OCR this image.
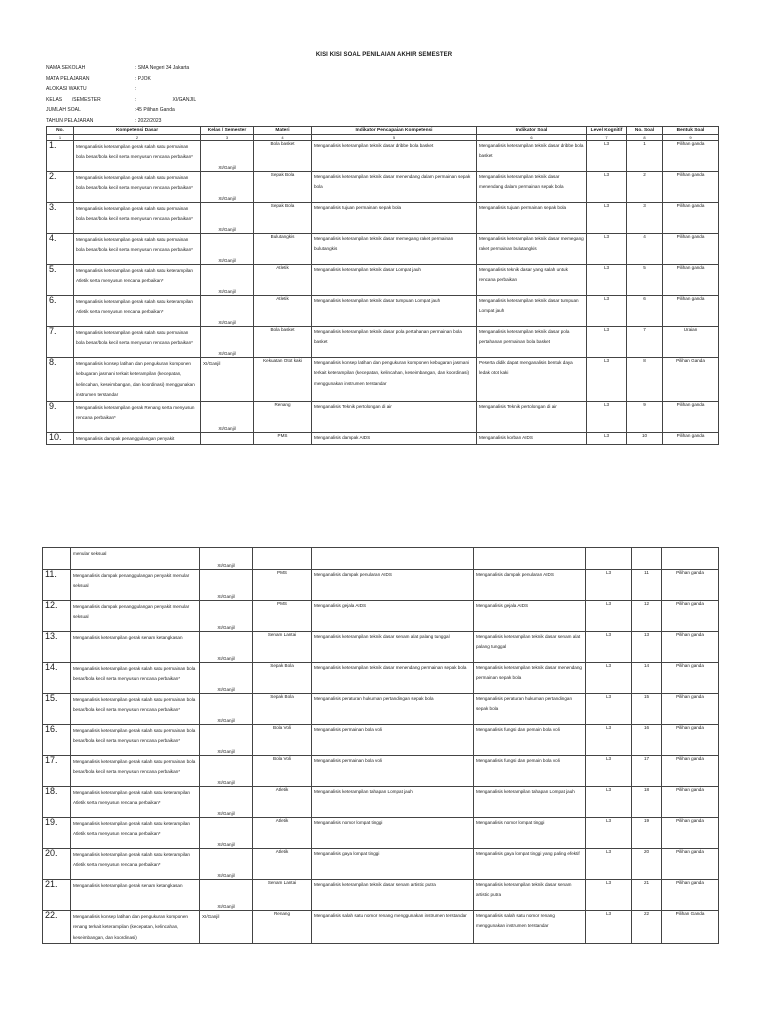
KISI KISI SOAL PENILAIAN AKHIR SEMESTER
NAMA SEKOLAH	: SMA Negeri 34 Jakarta
MATA PELAJARAN	: PJOK
ALOKASI WAKTU	:
KELAS       /SEMESTER	:                          XI/GANJIL
JUMLAH SOAL	:45 Pilihan Ganda
TAHUN PELAJARAN	: 2022/2023
No.	Kompetensi Dasar	Kelas / Semester	Materi	Indikator Pencapaian Kompetensi	Indikator Soal	Level Kognitif	No. Soal	Bentuk Soal
1	2	3	4	5	6	7	8	9
1.	Menganalisis keterampilan gerak salah satu permainan bola besar/bola kecil serta menyusun rencana perbaikan*	XI/Ganjil	Bola basket	Menganalisis keterampilan teknik dasar dribbe bola basket	Menganalisis keterampilan teknik dasar dribbe bola basket	L3	1	Pilihan ganda
2.	Menganalisis keterampilan gerak salah satu permainan bola besar/bola kecil serta menyusun rencana perbaikan*	XI/Ganjil	Sepak Bola	Menganalisis keterampilan teknik dasar menendang dalam permainan sepak bola	Menganalisis keterampilan teknik dasar menendang dalam permainan sepak bola	L3	2	Pilihan ganda
3.	Menganalisis keterampilan gerak salah satu permainan bola besar/bola kecil serta menyusun rencana perbaikan*	XI/Ganjil	Sepak Bola	Menganalisis tujuan permainan sepak bola	Menganalisis tujuan permainan sepak bola	L3	3	Pilihan ganda
4.	Menganalisis keterampilan gerak salah satu permainan bola besar/bola kecil serta menyusun rencana perbaikan*	XI/Ganjil	Bulutangkis	Menganalisis keterampilan teknik dasar memegang raket permainan bulutangkis	Menganalisis keterampilan teknik dasar memegang raket permainan bulutangkis	L3	4	Pilihan ganda
5.	Menganalisis keterampilan gerak salah satu keterampilan Atletik serta menyusun rencana perbaikan*	XI/Ganjil	Atletik	Menganalisis keterampilan teknik dasar Lompat jauh	Menganalisis teknik dasar yang salah untuk rencana perbaikan	L3	5	Pilihan ganda
6.	Menganalisis keterampilan gerak salah satu keterampilan Atletik serta menyusun rencana perbaikan*	XI/Ganjil	Atletik	Menganalisis keterampilan teknik dasar tumpuan Lompat jauh	Menganalisis keterampilan teknik dasar tumpuan Lompat jauh	L3	6	Pilihan ganda
7.	Menganalisis keterampilan gerak salah satu permainan bola besar/bola kecil serta menyusun rencana perbaikan*	XI/Ganjil	Bola basket	Menganalisis keterampilan teknik dasar pola pertahanan permainan bola basket	Menganalisis keterampilan teknik dasar pola pertahanan permainan bola basket	L3	7	Uraian
8.	Menganalisis konsep latihan dan pengukuran komponen kebugaran jasmani terkait keterampilan (kecepatan, kelincahan, keseimbangan, dan koordinasi) menggunakan instrumen terstandar	XI/Ganjil	Kekuatan Otot kaki	Menganalisis konsep latihan dan pengukuran komponen kebugaran jasmani terkait keterampilan (kecepatan, kelincahan, keseimbangan, dan koordinasi) menggunakan instrumen terstandar	Peserta didik dapat menganalisis bentuk daya ledak otot kaki	L3	8	Pilihan Ganda
9.	Menganalisis keterampilan gerak Renang serta menyusun rencana perbaikan*	XI/Ganjil	Renang	Menganalisis Teknik pertolongan di air	Menganalisis Teknik pertolongan di air	L3	9	Pilihan ganda
10.	Menganalisis dampak penanggulangan penyakit		PMS	Menganalisis dampak AIDS	Menganalisis korban AIDS	L3	10	Pilihan ganda

	menular seksual	XI/Ganjil						

11.	Menganalisis dampak penanggulangan penyakit menular seksual	XI/Ganjil	PMS	Menganalisis dampak penularan AIDS	Menganalisis dampak penularan AIDS	L3	11	Pilihan ganda
12.	Menganalisis dampak penanggulangan penyakit menular seksual	XI/Ganjil	PMS	Menganalisis gejala AIDS	Menganalisis gejala AIDS	L3	12	Pilihan ganda
13.	Menganalisis keterampilan gerak senam ketangkasan	XI/Ganjil	Senam Lantai	Menganalisis keterampilan teknik dasar senam alat palang tunggal	Menganalisis keterampilan teknik dasar senam alat palang tunggal	L3	13	Pilihan ganda
14.	Menganalisis keterampilan gerak salah satu permainan bola besar/bola kecil serta menyusun rencana perbaikan*	XI/Ganjil	Sepak Bola	Menganalisis keterampilan teknik dasar menendang permainan sepak bola	Menganalisis keterampilan teknik dasar menendang permainan sepak bola	L3	14	Pilihan ganda
15.	Menganalisis keterampilan gerak salah satu permainan bola besar/bola kecil serta menyusun rencana perbaikan*	XI/Ganjil	Sepak Bola	Menganalisis peraturan hukuman pertandingan sepak bola	Menganalisis peraturan hukuman pertandingan sepak bola	L3	15	Pilihan ganda
16.	Menganalisis keterampilan gerak salah satu permainan bola besar/bola kecil serta menyusun rencana perbaikan*	XI/Ganjil	Bola Voli	Menganalisis permainan bola voli	Menganalisis fungsi dan pemain bola voli	L3	16	Pilihan ganda
17.	Menganalisis keterampilan gerak salah satu permainan bola besar/bola kecil serta menyusun rencana perbaikan*	XI/Ganjil	Bola Voli	Menganalisis permainan bola voli	Menganalisis fungsi dan pemain bola voli	L3	17	Pilihan ganda
18.	Menganalisis keterampilan gerak salah satu keterampilan Atletik serta menyusun rencana perbaikan*	XI/Ganjil	Atletik	Menganalisis keterampilan tahapan Lompat jauh	Menganalisis keterampilan tahapan Lompat jauh	L3	18	Pilihan ganda
19.	Menganalisis keterampilan gerak salah satu keterampilan Atletik serta menyusun rencana perbaikan*	XI/Ganjil	Atletik	Menganalisis nomor lompat tinggi	Menganalisis nomor lompat tinggi	L3	19	Pilihan ganda
20.	Menganalisis keterampilan gerak salah satu keterampilan Atletik serta menyusun rencana perbaikan*	XI/Ganjil	Atletik	Menganalisis gaya lompat tinggi	Menganalisis gaya lompat tinggi yang paling efektif	L3	20	Pilihan ganda
21.	Menganalisis keterampilan gerak senam ketangkasan	XI/Ganjil	Senam Lantai	Menganalisis keterampilan teknik dasar senam artistic putra	Menganalisis keterampilan teknik dasar senam artistic putra	L3	21	Pilihan ganda
22.	Menganalisis konsep latihan dan pengukuran komponen renang terkait keterampilan (kecepatan, kelincahan, keseimbangan, dan koordinasi)	XI/Ganjil	Renang	Menganalisis salah satu nomor renang menggunakan instrumen terstandar	Menganalisis salah satu nomor renang menggunakan instrumen terstandar	L3	22	Pilihan Ganda
